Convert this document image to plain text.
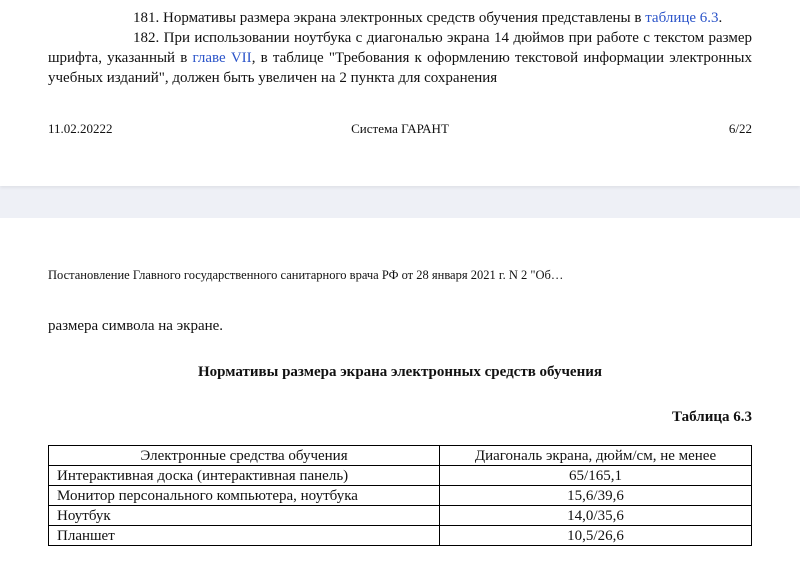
181. Нормативы размера экрана электронных средств обучения представлены в таблице 6.3.

182. При использовании ноутбука с диагональю экрана 14 дюймов при работе с текстом размер шрифта, указанный в главе VII, в таблице "Требования к оформлению текстовой информации электронных учебных изданий", должен быть увеличен на 2 пункта для сохранения

11.02.20222	Система ГАРАНТ	6/22
Постановление Главного государственного санитарного врача РФ от 28 января 2021 г. N 2 "Об…
размера символа на экране.
Нормативы размера экрана электронных средств обучения
Таблица 6.3
Электронные средства обучения	Диагональ экрана, дюйм/см, не менее
Интерактивная доска (интерактивная панель)	65/165,1
Монитор персонального компьютера, ноутбука	15,6/39,6
Ноутбук	14,0/35,6
Планшет	10,5/26,6
